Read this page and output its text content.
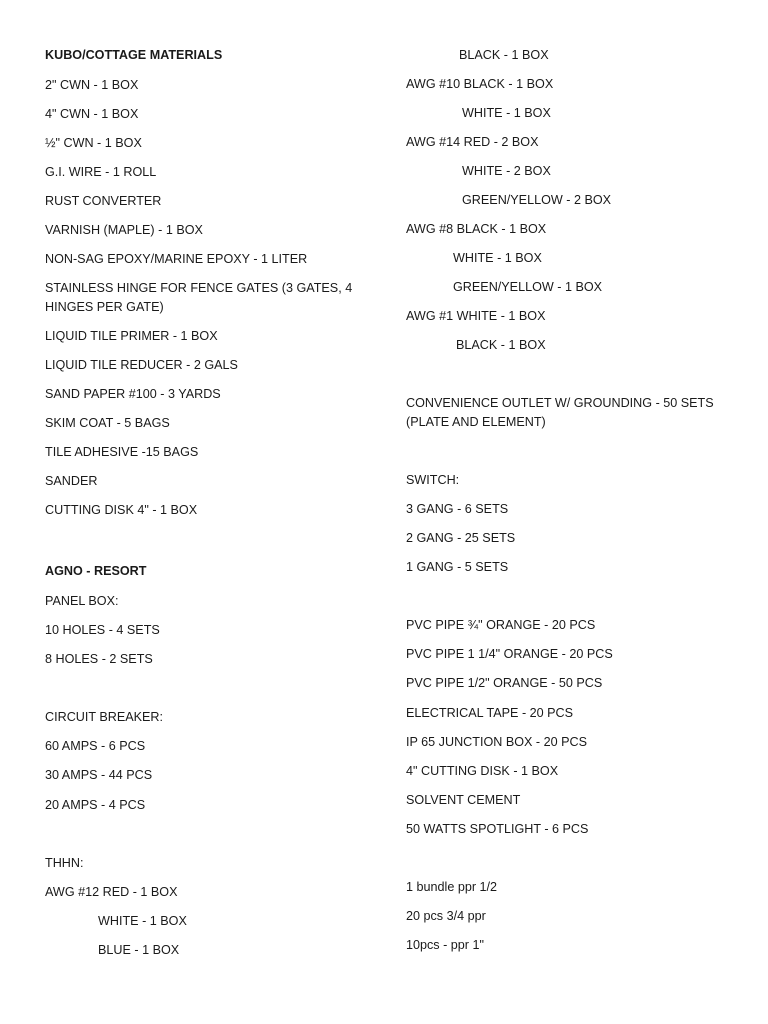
KUBO/COTTAGE MATERIALS
2" CWN - 1 BOX
4" CWN - 1 BOX
½" CWN - 1 BOX
G.I. WIRE - 1 ROLL
RUST CONVERTER
VARNISH (MAPLE) - 1 BOX
NON-SAG EPOXY/MARINE EPOXY - 1 LITER
STAINLESS HINGE FOR FENCE GATES (3 GATES, 4 HINGES PER GATE)
LIQUID TILE PRIMER - 1 BOX
LIQUID TILE REDUCER - 2 GALS
SAND PAPER #100 - 3 YARDS
SKIM COAT - 5 BAGS
TILE ADHESIVE -15 BAGS
SANDER
CUTTING DISK 4" - 1 BOX
AGNO - RESORT
PANEL BOX:
10 HOLES - 4 SETS
8 HOLES - 2 SETS
CIRCUIT BREAKER:
60 AMPS - 6 PCS
30 AMPS - 44 PCS
20 AMPS - 4 PCS
THHN:
AWG #12 RED - 1 BOX
WHITE - 1 BOX
BLUE - 1 BOX
BLACK - 1 BOX
AWG #10 BLACK - 1 BOX
WHITE - 1 BOX
AWG #14 RED - 2 BOX
WHITE - 2 BOX
GREEN/YELLOW - 2 BOX
AWG #8 BLACK - 1 BOX
WHITE - 1 BOX
GREEN/YELLOW - 1 BOX
AWG #1 WHITE - 1 BOX
BLACK - 1 BOX
CONVENIENCE OUTLET W/ GROUNDING - 50 SETS (PLATE AND ELEMENT)
SWITCH:
3 GANG - 6 SETS
2 GANG - 25 SETS
1 GANG - 5 SETS
PVC PIPE ¾" ORANGE - 20 PCS
PVC PIPE 1 1/4" ORANGE - 20 PCS
PVC PIPE 1/2" ORANGE - 50 PCS
ELECTRICAL TAPE - 20 PCS
IP 65 JUNCTION BOX - 20 PCS
4" CUTTING DISK - 1 BOX
SOLVENT CEMENT
50 WATTS SPOTLIGHT - 6 PCS
1 bundle ppr 1/2
20 pcs 3/4 ppr
10pcs - ppr 1"
